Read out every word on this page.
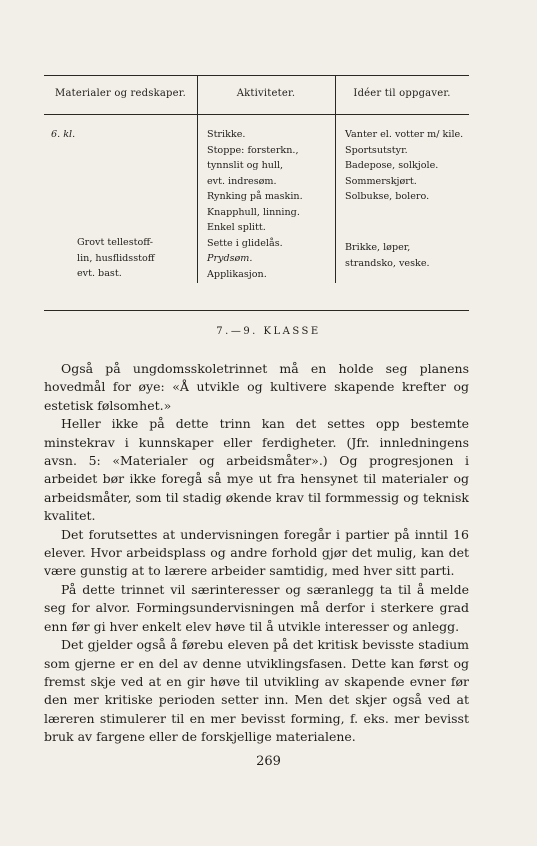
Materialer og redskaper.	Aktiviteter.	Idéer til oppgaver.
6. kl.
Grovt tellestoff-
lin, husflidsstoff
evt. bast.
Strikke.
Stoppe: forsterkn.,
tynnslit og hull,
evt. indresøm.
Rynking på maskin.
Knapphull, linning.
Enkel splitt.
Sette i glidelås.
Prydsøm.
Applikasjon.
Vanter el. votter m/ kile.
Sportsutstyr.
Badepose, solkjole.
Sommerskjørt.
Solbukse, bolero.
Brikke, løper,
strandsko, veske.
7.—9. KLASSE

Også på ungdomsskoletrinnet må en holde seg planens hovedmål for øye: «Å utvikle og kultivere skapende krefter og estetisk følsomhet.»

Heller ikke på dette trinn kan det settes opp bestemte minstekrav i kunnskaper eller ferdigheter. (Jfr. innledningens avsn. 5: «Materialer og arbeidsmåter».) Og progresjonen i arbeidet bør ikke foregå så mye ut fra hensynet til materialer og arbeidsmåter, som til stadig økende krav til formmessig og teknisk kvalitet.

Det forutsettes at undervisningen foregår i partier på inntil 16 elever. Hvor arbeidsplass og andre forhold gjør det mulig, kan det være gunstig at to lærere arbeider samtidig, med hver sitt parti.

På dette trinnet vil særinteresser og særanlegg ta til å melde seg for alvor. Formingsundervisningen må derfor i sterkere grad enn før gi hver enkelt elev høve til å utvikle interesser og anlegg.

Det gjelder også å førebu eleven på det kritisk bevisste stadium som gjerne er en del av denne utviklingsfasen. Dette kan først og fremst skje ved at en gir høve til utvikling av skapende evner før den mer kritiske perioden setter inn. Men det skjer også ved at læreren stimulerer til en mer bevisst forming, f. eks. mer bevisst bruk av fargene eller de forskjellige materialene.

269
